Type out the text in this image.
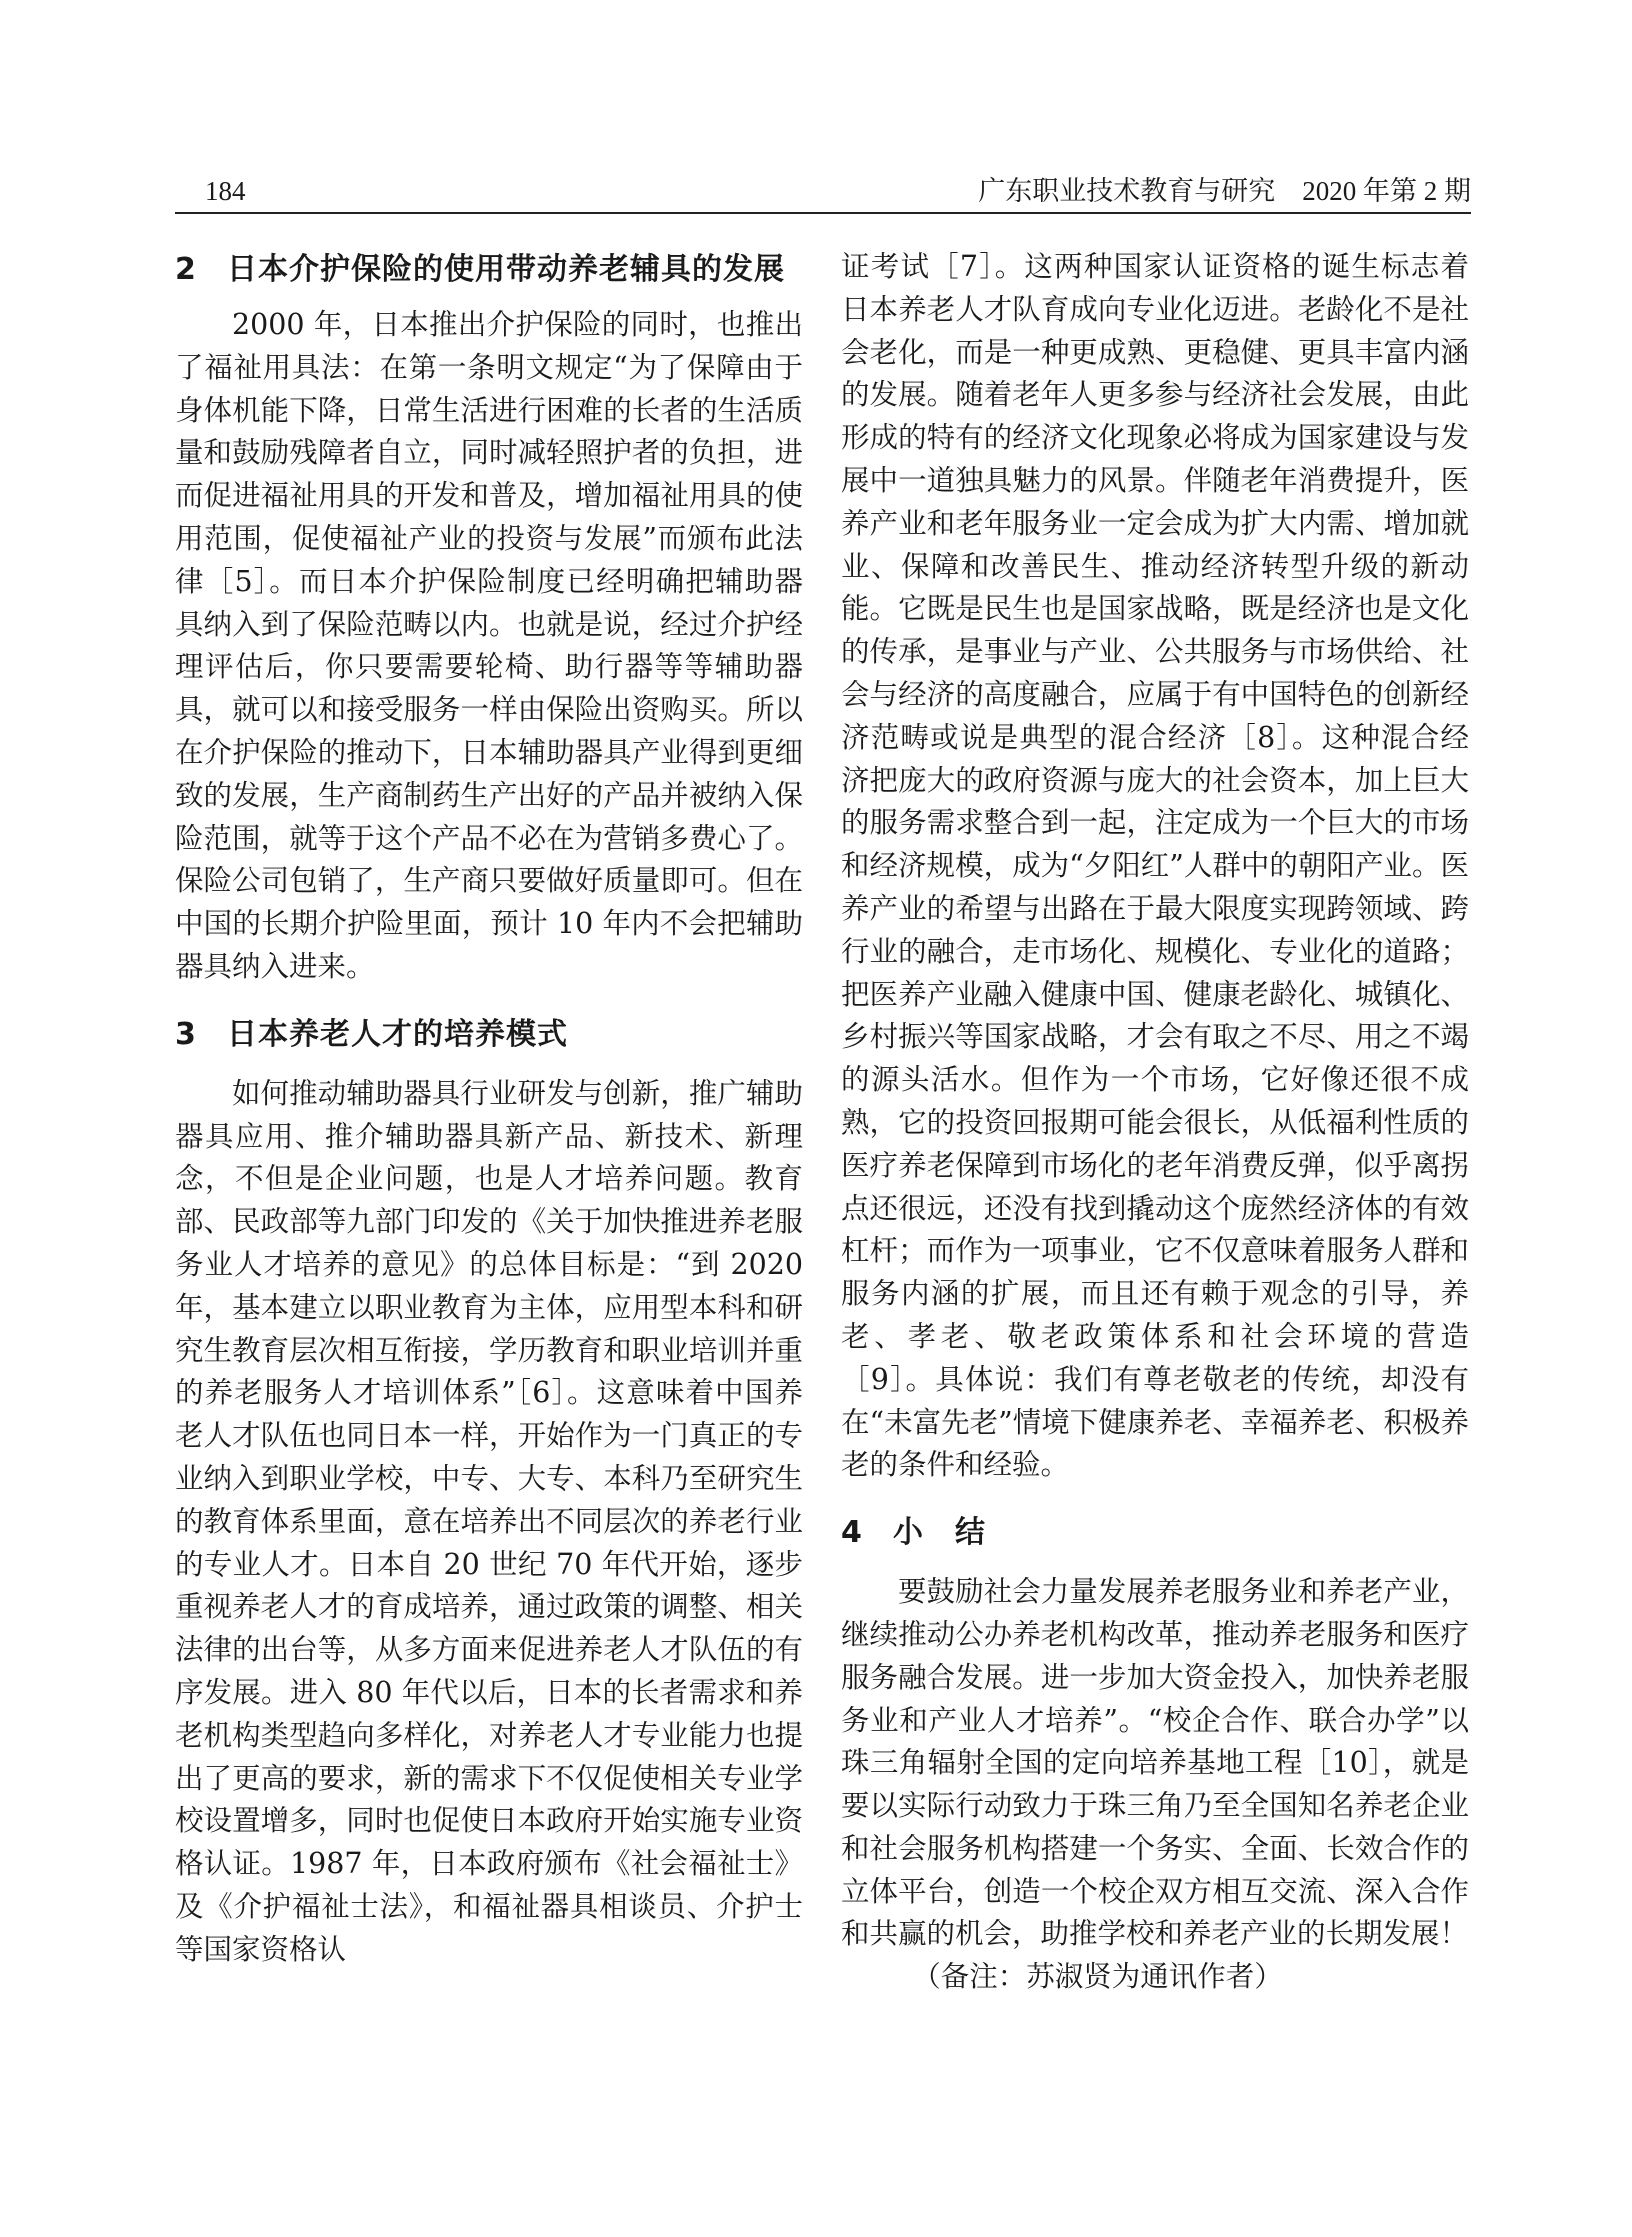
184	广东职业技术教育与研究　2020 年第 2 期
2 日本介护保险的使用带动养老辅具的发展

2000 年，日本推出介护保险的同时，也推出了福祉用具法：在第一条明文规定“为了保障由于身体机能下降，日常生活进行困难的长者的生活质量和鼓励残障者自立，同时减轻照护者的负担，进而促进福祉用具的开发和普及，增加福祉用具的使用范围，促使福祉产业的投资与发展”而颁布此法律［5］。而日本介护保险制度已经明确把辅助器具纳入到了保险范畴以内。也就是说，经过介护经理评估后，你只要需要轮椅、助行器等等辅助器具，就可以和接受服务一样由保险出资购买。所以在介护保险的推动下，日本辅助器具产业得到更细致的发展，生产商制药生产出好的产品并被纳入保险范围，就等于这个产品不必在为营销多费心了。保险公司包销了，生产商只要做好质量即可。但在中国的长期介护险里面，预计 10 年内不会把辅助器具纳入进来。

3 日本养老人才的培养模式

如何推动辅助器具行业研发与创新，推广辅助器具应用、推介辅助器具新产品、新技术、新理念，不但是企业问题，也是人才培养问题。教育部、民政部等九部门印发的《关于加快推进养老服务业人才培养的意见》的总体目标是：“到 2020 年，基本建立以职业教育为主体，应用型本科和研究生教育层次相互衔接，学历教育和职业培训并重的养老服务人才培训体系”［6］。这意味着中国养老人才队伍也同日本一样，开始作为一门真正的专业纳入到职业学校，中专、大专、本科乃至研究生的教育体系里面，意在培养出不同层次的养老行业的专业人才。日本自 20 世纪 70 年代开始，逐步重视养老人才的育成培养，通过政策的调整、相关法律的出台等，从多方面来促进养老人才队伍的有序发展。进入 80 年代以后，日本的长者需求和养老机构类型趋向多样化，对养老人才专业能力也提出了更高的要求，新的需求下不仅促使相关专业学校设置增多，同时也促使日本政府开始实施专业资格认证。1987 年，日本政府颁布《社会福祉士》及《介护福祉士法》，和福祉器具相谈员、介护士等国家资格认

证考试［7］。这两种国家认证资格的诞生标志着日本养老人才队育成向专业化迈进。老龄化不是社会老化，而是一种更成熟、更稳健、更具丰富内涵的发展。随着老年人更多参与经济社会发展，由此形成的特有的经济文化现象必将成为国家建设与发展中一道独具魅力的风景。伴随老年消费提升，医养产业和老年服务业一定会成为扩大内需、增加就业、保障和改善民生、推动经济转型升级的新动能。它既是民生也是国家战略，既是经济也是文化的传承，是事业与产业、公共服务与市场供给、社会与经济的高度融合，应属于有中国特色的创新经济范畴或说是典型的混合经济［8］。这种混合经济把庞大的政府资源与庞大的社会资本，加上巨大的服务需求整合到一起，注定成为一个巨大的市场和经济规模，成为“夕阳红”人群中的朝阳产业。医养产业的希望与出路在于最大限度实现跨领域、跨行业的融合，走市场化、规模化、专业化的道路；把医养产业融入健康中国、健康老龄化、城镇化、乡村振兴等国家战略，才会有取之不尽、用之不竭的源头活水。但作为一个市场，它好像还很不成熟，它的投资回报期可能会很长，从低福利性质的医疗养老保障到市场化的老年消费反弹，似乎离拐点还很远，还没有找到撬动这个庞然经济体的有效杠杆；而作为一项事业，它不仅意味着服务人群和服务内涵的扩展，而且还有赖于观念的引导，养老、孝老、敬老政策体系和社会环境的营造［9］。具体说：我们有尊老敬老的传统，却没有在“未富先老”情境下健康养老、幸福养老、积极养老的条件和经验。

4 小　结

要鼓励社会力量发展养老服务业和养老产业，继续推动公办养老机构改革，推动养老服务和医疗服务融合发展。进一步加大资金投入，加快养老服务业和产业人才培养”。“校企合作、联合办学”以珠三角辐射全国的定向培养基地工程［10］，就是要以实际行动致力于珠三角乃至全国知名养老企业和社会服务机构搭建一个务实、全面、长效合作的立体平台，创造一个校企双方相互交流、深入合作和共赢的机会，助推学校和养老产业的长期发展！

（备注：苏淑贤为通讯作者）
